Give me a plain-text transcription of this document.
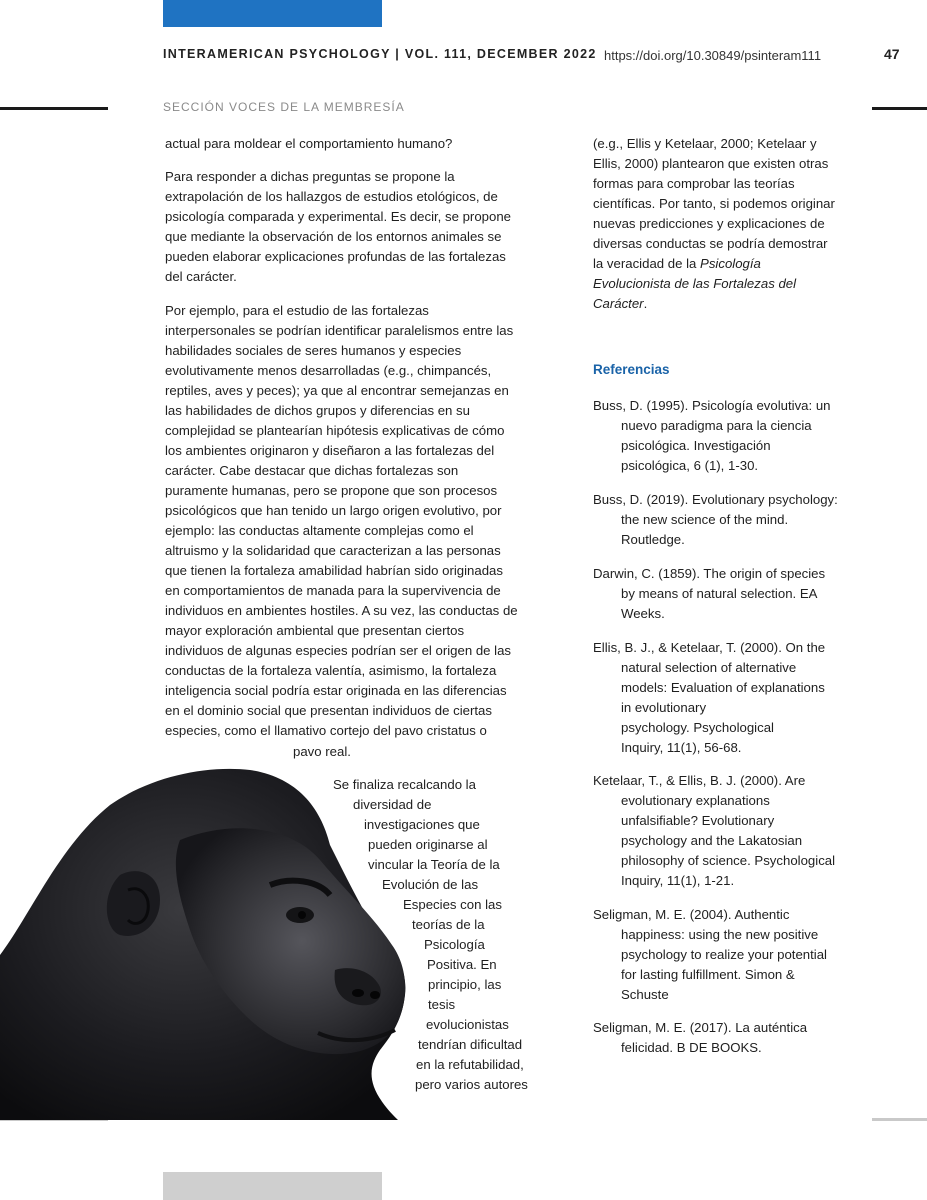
INTERAMERICAN PSYCHOLOGY | VOL. 111, DECEMBER 2022 https://doi.org/10.30849/psinteram111	47
SECCIÓN VOCES DE LA MEMBRESÍA
actual para moldear el comportamiento humano?
Para responder a dichas preguntas se propone la
extrapolación de los hallazgos de estudios etológicos, de
psicología comparada y experimental. Es decir, se propone
que mediante la observación de los entornos animales se
pueden elaborar explicaciones profundas de las fortalezas
del carácter.
Por ejemplo, para el estudio de las fortalezas
interpersonales se podrían identificar paralelismos entre las
habilidades sociales de seres humanos y especies
evolutivamente menos desarrolladas (e.g., chimpancés,
reptiles, aves y peces); ya que al encontrar semejanzas en
las habilidades de dichos grupos y diferencias en su
complejidad se plantearían hipótesis explicativas de cómo
los ambientes originaron y diseñaron a las fortalezas del
carácter. Cabe destacar que dichas fortalezas son
puramente humanas, pero se propone que son procesos
psicológicos que han tenido un largo origen evolutivo, por
ejemplo: las conductas altamente complejas como el
altruismo y la solidaridad que caracterizan a las personas
que tienen la fortaleza amabilidad habrían sido originadas
en comportamientos de manada para la supervivencia de
individuos en ambientes hostiles. A su vez, las conductas de
mayor exploración ambiental que presentan ciertos
individuos de algunas especies podrían ser el origen de las
conductas de la fortaleza valentía, asimismo, la fortaleza
inteligencia social podría estar originada en las diferencias
en el dominio social que presentan individuos de ciertas
especies, como el llamativo cortejo del pavo cristatus o
pavo real.
Se finaliza recalcando la
diversidad de
investigaciones que
pueden originarse al
vincular la Teoría de la
Evolución de las
Especies con las
teorías de la
Psicología
Positiva. En
principio, las
tesis
evolucionistas
tendrían dificultad
en la refutabilidad,
pero varios autores
(e.g., Ellis y Ketelaar, 2000; Ketelaar y
Ellis, 2000) plantearon que existen otras
formas para comprobar las teorías
científicas. Por tanto, si podemos originar
nuevas predicciones y explicaciones de
diversas conductas se podría demostrar
la veracidad de la Psicología
Evolucionista de las Fortalezas del
Carácter.
Referencias
Buss, D. (1995). Psicología evolutiva: un
nuevo paradigma para la ciencia
psicológica. Investigación
psicológica, 6 (1), 1-30.
Buss, D. (2019). Evolutionary psychology:
the new science of the mind.
Routledge.
Darwin, C. (1859). The origin of species
by means of natural selection. EA
Weeks.
Ellis, B. J., & Ketelaar, T. (2000). On the
natural selection of alternative
models: Evaluation of explanations
in evolutionary
psychology. Psychological
Inquiry, 11(1), 56-68.
Ketelaar, T., & Ellis, B. J. (2000). Are
evolutionary explanations
unfalsifiable? Evolutionary
psychology and the Lakatosian
philosophy of science. Psychological
Inquiry, 11(1), 1-21.
Seligman, M. E. (2004). Authentic
happiness: using the new positive
psychology to realize your potential
for lasting fulfillment. Simon &
Schuste
Seligman, M. E. (2017). La auténtica
felicidad. B DE BOOKS.
